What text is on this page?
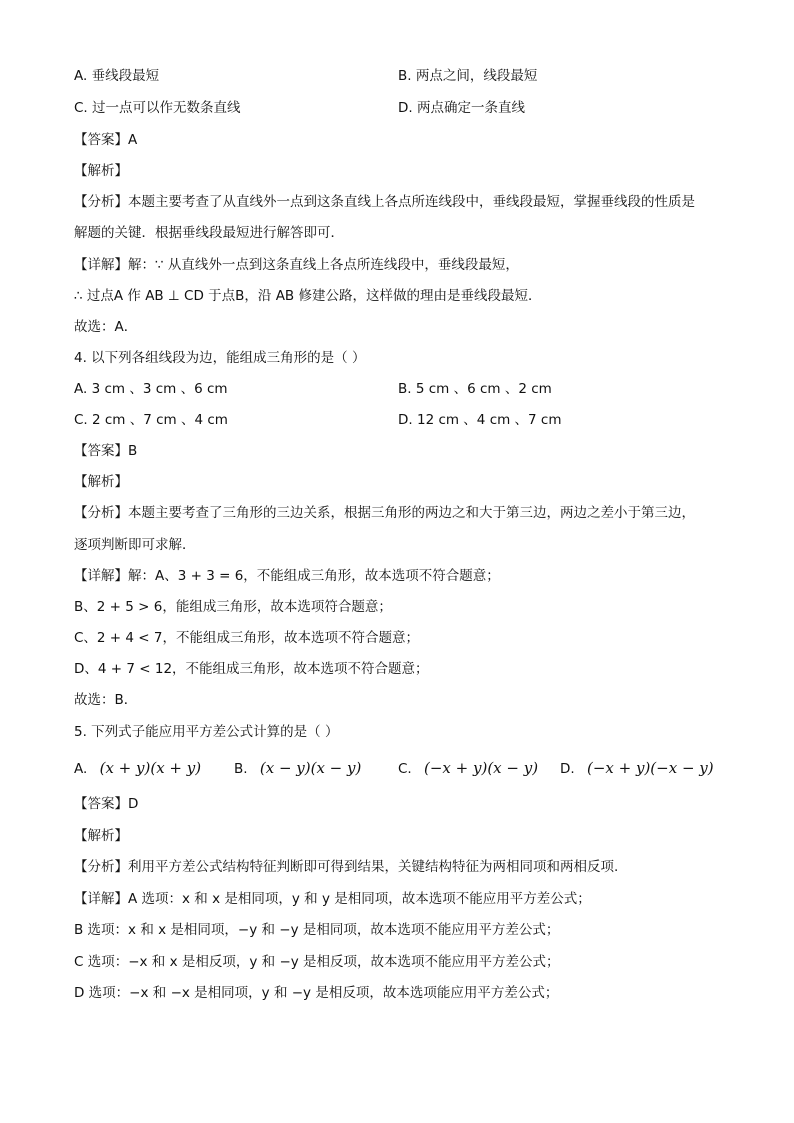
A. 垂线段最短	B. 两点之间，线段最短
C. 过一点可以作无数条直线	D. 两点确定一条直线
【答案】A
【解析】
【分析】本题主要考查了从直线外一点到这条直线上各点所连线段中，垂线段最短，掌握垂线段的性质是
解题的关键．根据垂线段最短进行解答即可．
【详解】解：∵ 从直线外一点到这条直线上各点所连线段中，垂线段最短，
∴ 过点A 作 AB ⊥ CD 于点B，沿 AB 修建公路，这样做的理由是垂线段最短．
故选：A．
4. 以下列各组线段为边，能组成三角形的是（ ）
A. 3 cm 、3 cm 、6 cm	B. 5 cm 、6 cm 、2 cm
C. 2 cm 、7 cm 、4 cm	D. 12 cm 、4 cm 、7 cm
【答案】B
【解析】
【分析】本题主要考查了三角形的三边关系，根据三角形的两边之和大于第三边，两边之差小于第三边，
逐项判断即可求解．
【详解】解：A、3 + 3 = 6，不能组成三角形，故本选项不符合题意；
B、2 + 5 > 6，能组成三角形，故本选项符合题意；
C、2 + 4 < 7，不能组成三角形，故本选项不符合题意；
D、4 + 7 < 12，不能组成三角形，故本选项不符合题意；
故选：B．
5. 下列式子能应用平方差公式计算的是（ ）
A. (x + y)(x + y) B. (x − y)(x − y)	C. (−x + y)(x − y) D. (−x + y)(−x − y)
【答案】D
【解析】
【分析】利用平方差公式结构特征判断即可得到结果，关键结构特征为两相同项和两相反项.
【详解】A 选项：x 和 x 是相同项，y 和 y 是相同项，故本选项不能应用平方差公式；
B 选项：x 和 x 是相同项，−y 和 −y 是相同项，故本选项不能应用平方差公式；
C 选项：−x 和 x 是相反项，y 和 −y 是相反项，故本选项不能应用平方差公式；
D 选项：−x 和 −x 是相同项，y 和 −y 是相反项，故本选项能应用平方差公式；
